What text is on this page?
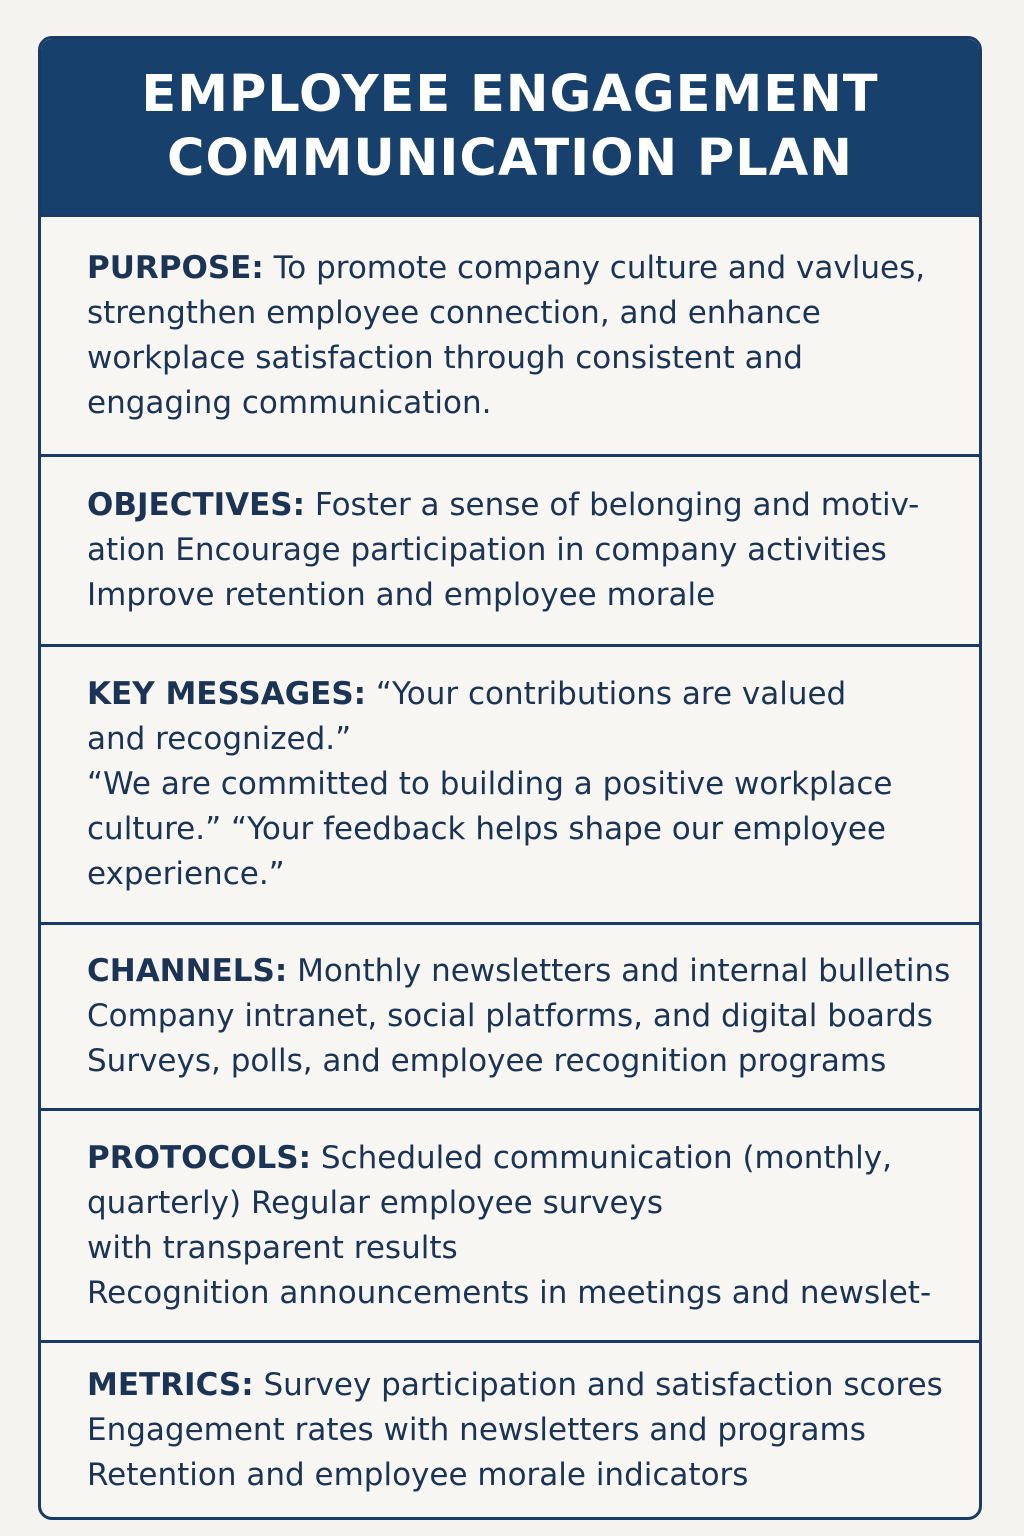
EMPLOYEE ENGAGEMENT
COMMUNICATION PLAN

PURPOSE: To promote company culture and vavlues,

strengthen employee connection, and enhance

workplace satisfaction through consistent and

engaging communication.

OBJECTIVES: Foster a sense of belonging and motiv-

ation Encourage participation in company activities

Improve retention and employee morale

KEY MESSAGES: “Your contributions are valued

and recognized.”

“We are committed to building a positive workplace

culture.” “Your feedback helps shape our employee

experience.”

CHANNELS: Monthly newsletters and internal bulletins

Company intranet, social platforms, and digital boards

Surveys, polls, and employee recognition programs

PROTOCOLS: Scheduled communication (monthly,

quarterly) Regular employee surveys

with transparent results

Recognition announcements in meetings and newslet-

METRICS: Survey participation and satisfaction scores

Engagement rates with newsletters and programs

Retention and employee morale indicators
